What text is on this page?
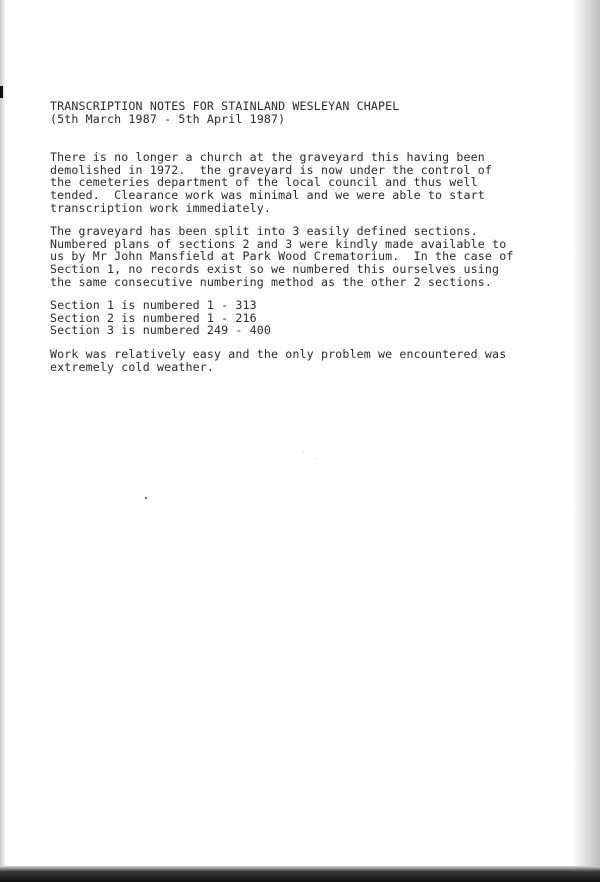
TRANSCRIPTION NOTES FOR STAINLAND WESLEYAN CHAPEL
(5th March 1987 - 5th April 1987)
There is no longer a church at the graveyard this having been
demolished in 1972.  the graveyard is now under the control of
the cemeteries department of the local council and thus well
tended.  Clearance work was minimal and we were able to start
transcription work immediately.
The graveyard has been split into 3 easily defined sections.
Numbered plans of sections 2 and 3 were kindly made available to
us by Mr John Mansfield at Park Wood Crematorium.  In the case of
Section 1, no records exist so we numbered this ourselves using
the same consecutive numbering method as the other 2 sections.
Section 1 is numbered 1 - 313
Section 2 is numbered 1 - 216
Section 3 is numbered 249 - 400
Work was relatively easy and the only problem we encountered was
extremely cold weather.
